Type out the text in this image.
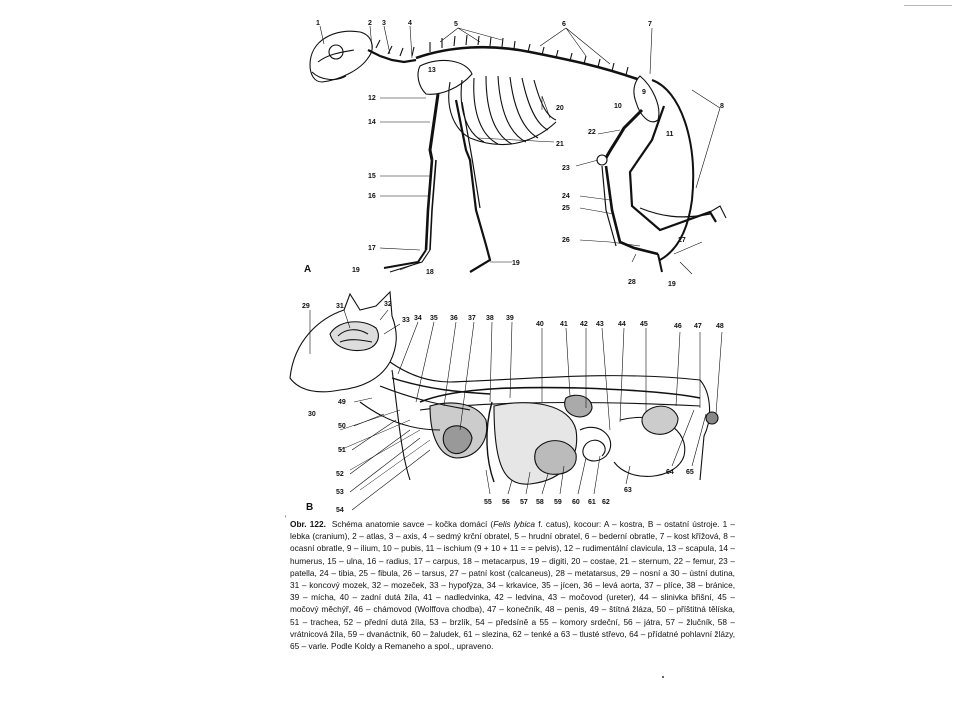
1	2 3	4	5	6	7
8
9
10
11
12
13
14
15
16
17
18
19
19
20
21
22
23
24
25
26	27
28	19
A
29
30
31	32
33 34 35 36 37 38 39
40 41 42 43 44 45	46 47 48
49
50
51
52
53
54
55 56 57 58 59 60 61 62
63
64 65
B
'
Obr. 122. Schéma anatomie savce – kočka domácí (Felis lybica f. catus), kocour: A – kostra, B – ostatní ústroje. 1 – lebka (cranium), 2 – atlas, 3 – axis, 4 – sedmý krční obratel, 5 – hrudní obratel, 6 – bederní obratle, 7 – kost křížová, 8 – ocasní obratle, 9 – ilium, 10 – pubis, 11 – ischium (9 + 10 + 11 = = pelvis), 12 – rudimentální clavicula, 13 – scapula, 14 – humerus, 15 – ulna, 16 – radius, 17 – carpus, 18 – metacarpus, 19 – digiti, 20 – costae, 21 – sternum, 22 – femur, 23 – patella, 24 – tibia, 25 – fibula, 26 – tarsus, 27 – patní kost (calcaneus), 28 – metatarsus, 29 – nosní a 30 – ústní dutina, 31 – koncový mozek, 32 – mozeček, 33 – hypofýza, 34 – krkavice, 35 – jícen, 36 – levá aorta, 37 – plíce, 38 – bránice, 39 – mícha, 40 – zadní dutá žíla, 41 – nadledvinka, 42 – ledvina, 43 – močovod (ureter), 44 – slinivka břišní, 45 – močový měchýř, 46 – chámovod (Wolffova chodba), 47 – konečník, 48 – penis, 49 – štítná žláza, 50 – příštitná tělíska, 51 – trachea, 52 – přední dutá žíla, 53 – brzlík, 54 – předsíně a 55 – komory srdeční, 56 – játra, 57 – žlučník, 58 – vrátnicová žíla, 59 – dvanáctník, 60 – žaludek, 61 – slezina, 62 – tenké a 63 – tlusté střevo, 64 – přídatné pohlavní žlázy, 65 – varle. Podle Koldy a Remaneho a spol., upraveno.
